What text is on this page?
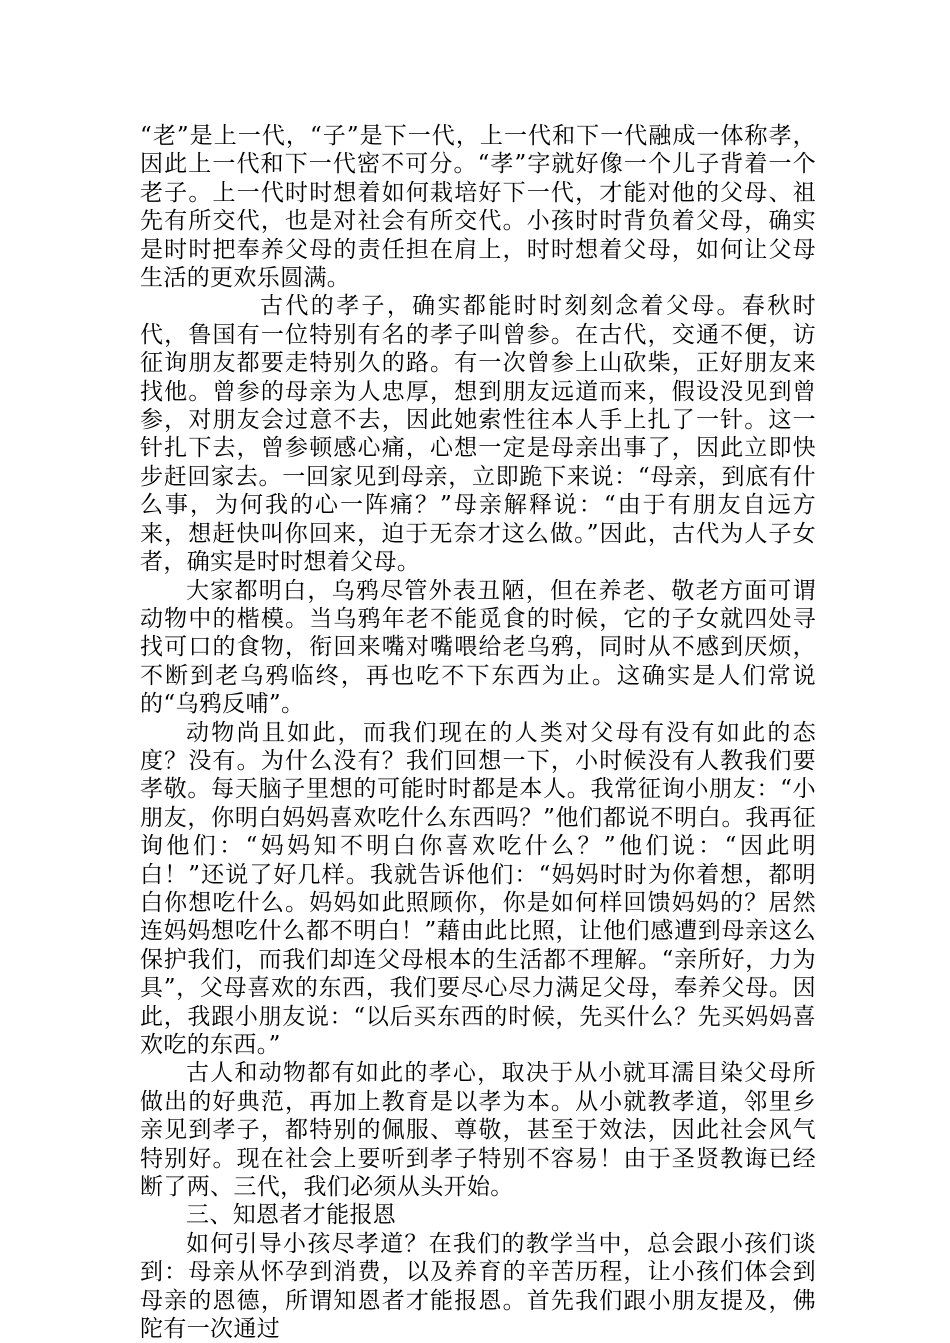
“老”是上一代，“子”是下一代，上一代和下一代融成一体称孝，因此上一代和下一代密不可分。“孝”字就好像一个儿子背着一个老子。上一代时时想着如何栽培好下一代，才能对他的父母、祖先有所交代，也是对社会有所交代。小孩时时背负着父母，确实是时时把奉养父母的责任担在肩上，时时想着父母，如何让父母生活的更欢乐圆满。

古代的孝子，确实都能时时刻刻念着父母。春秋时代，鲁国有一位特别有名的孝子叫曾参。在古代，交通不便，访征询朋友都要走特别久的路。有一次曾参上山砍柴，正好朋友来找他。曾参的母亲为人忠厚，想到朋友远道而来，假设没见到曾参，对朋友会过意不去，因此她索性往本人手上扎了一针。这一针扎下去，曾参顿感心痛，心想一定是母亲出事了，因此立即快步赶回家去。一回家见到母亲，立即跪下来说：“母亲，到底有什么事，为何我的心一阵痛？”母亲解释说：“由于有朋友自远方来，想赶快叫你回来，迫于无奈才这么做。”因此，古代为人子女者，确实是时时想着父母。

大家都明白，乌鸦尽管外表丑陋，但在养老、敬老方面可谓动物中的楷模。当乌鸦年老不能觅食的时候，它的子女就四处寻找可口的食物，衔回来嘴对嘴喂给老乌鸦，同时从不感到厌烦，不断到老乌鸦临终，再也吃不下东西为止。这确实是人们常说的“乌鸦反哺”。

动物尚且如此，而我们现在的人类对父母有没有如此的态度？没有。为什么没有？我们回想一下，小时候没有人教我们要孝敬。每天脑子里想的可能时时都是本人。我常征询小朋友：“小朋友，你明白妈妈喜欢吃什么东西吗？”他们都说不明白。我再征询他们：“妈妈知不明白你喜欢吃什么？”他们说：“因此明白！”还说了好几样。我就告诉他们：“妈妈时时为你着想，都明白你想吃什么。妈妈如此照顾你，你是如何样回馈妈妈的？居然连妈妈想吃什么都不明白！”藉由此比照，让他们感遭到母亲这么保护我们，而我们却连父母根本的生活都不理解。“亲所好，力为具”，父母喜欢的东西，我们要尽心尽力满足父母，奉养父母。因此，我跟小朋友说：“以后买东西的时候，先买什么？先买妈妈喜欢吃的东西。”

古人和动物都有如此的孝心，取决于从小就耳濡目染父母所做出的好典范，再加上教育是以孝为本。从小就教孝道，邻里乡亲见到孝子，都特别的佩服、尊敬，甚至于效法，因此社会风气特别好。现在社会上要听到孝子特别不容易！由于圣贤教诲已经断了两、三代，我们必须从头开始。

三、知恩者才能报恩

如何引导小孩尽孝道？在我们的教学当中，总会跟小孩们谈到：母亲从怀孕到消费，以及养育的辛苦历程，让小孩们体会到母亲的恩德，所谓知恩者才能报恩。首先我们跟小朋友提及，佛陀有一次通过
